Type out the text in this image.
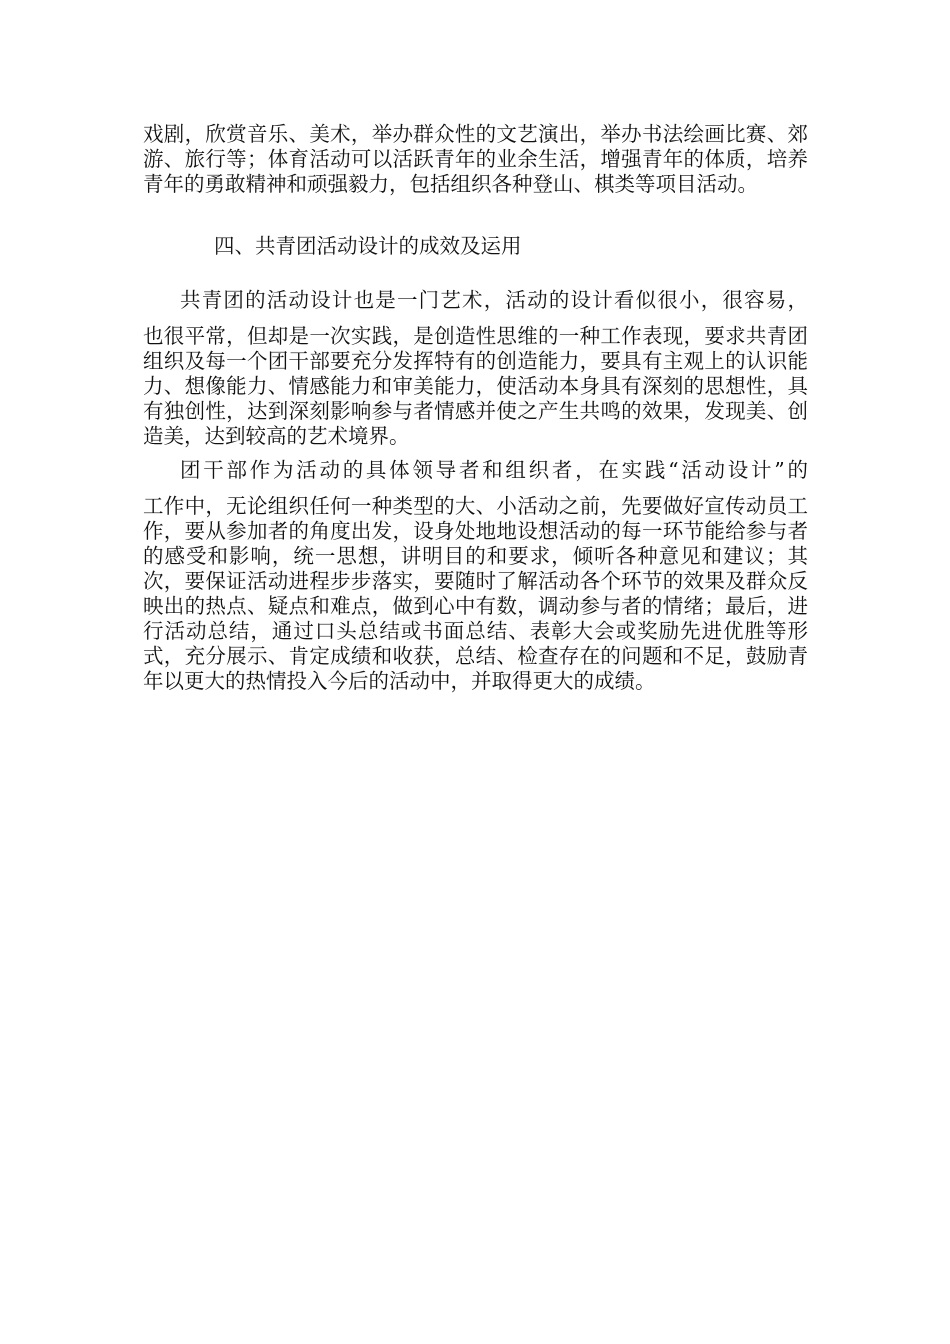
戏剧，欣赏音乐、美术，举办群众性的文艺演出，举办书法绘画比赛、郊游、旅行等；体育活动可以活跃青年的业余生活，增强青年的体质，培养青年的勇敢精神和顽强毅力，包括组织各种登山、棋类等项目活动。

四、共青团活动设计的成效及运用

共青团的活动设计也是一门艺术，活动的设计看似很小，很容易，

也很平常，但却是一次实践，是创造性思维的一种工作表现，要求共青团组织及每一个团干部要充分发挥特有的创造能力，要具有主观上的认识能力、想像能力、情感能力和审美能力，使活动本身具有深刻的思想性，具有独创性，达到深刻影响参与者情感并使之产生共鸣的效果，发现美、创造美，达到较高的艺术境界。

团干部作为活动的具体领导者和组织者，在实践“活动设计”的

工作中，无论组织任何一种类型的大、小活动之前，先要做好宣传动员工作，要从参加者的角度出发，设身处地地设想活动的每一环节能给参与者的感受和影响，统一思想，讲明目的和要求，倾听各种意见和建议；其次，要保证活动进程步步落实，要随时了解活动各个环节的效果及群众反映出的热点、疑点和难点，做到心中有数，调动参与者的情绪；最后，进行活动总结，通过口头总结或书面总结、表彰大会或奖励先进优胜等形式，充分展示、肯定成绩和收获，总结、检查存在的问题和不足，鼓励青年以更大的热情投入今后的活动中，并取得更大的成绩。
